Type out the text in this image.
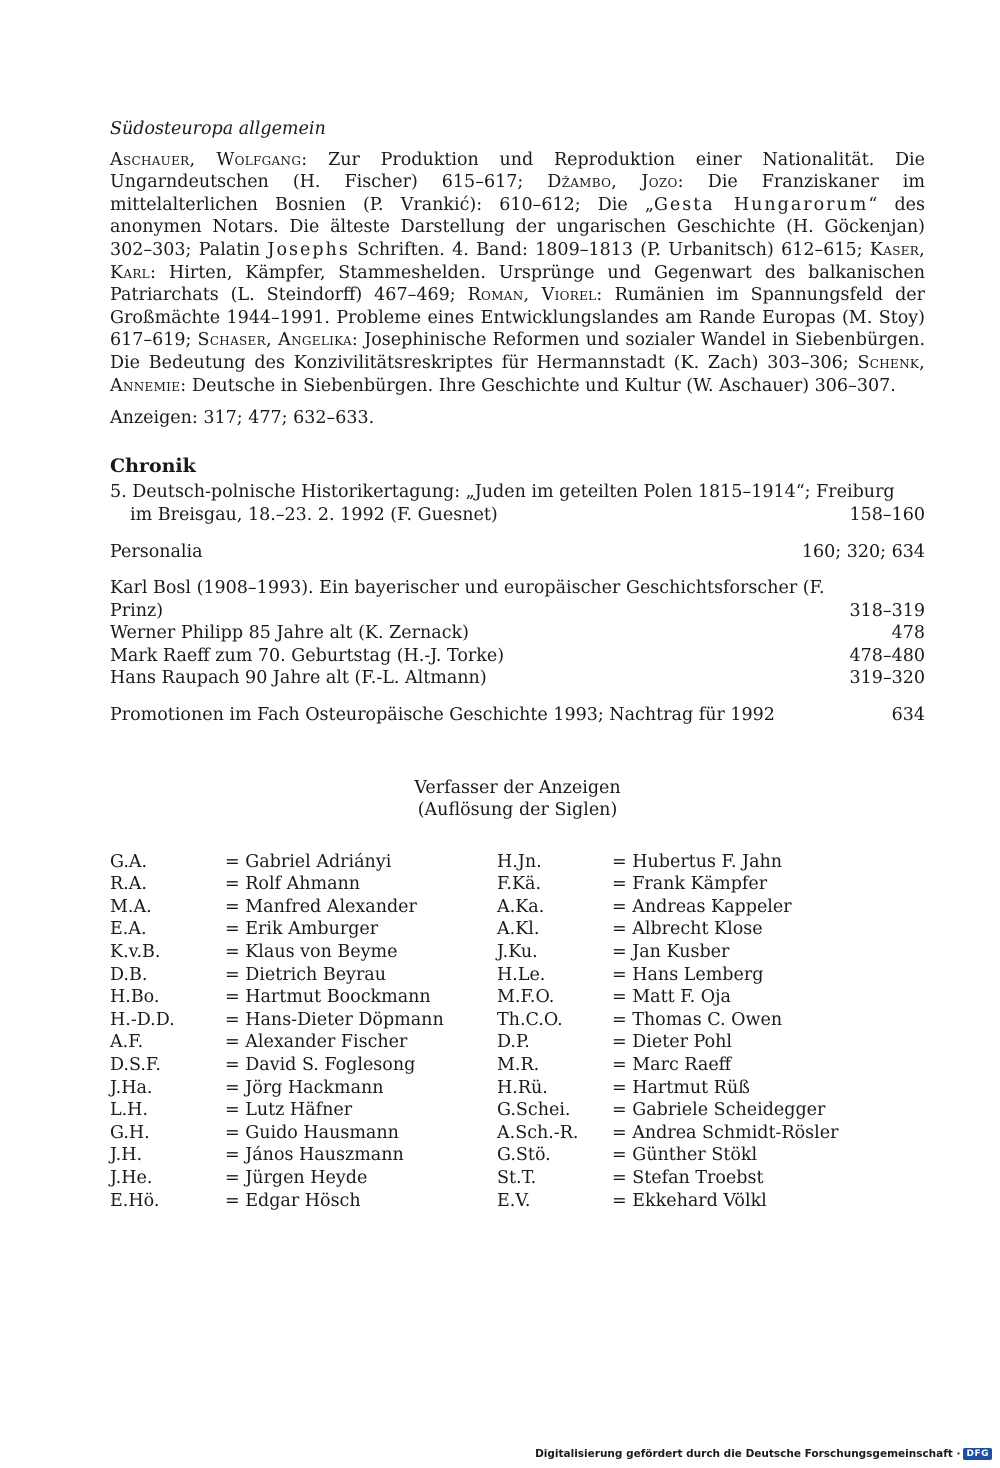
Südosteuropa allgemein

Aschauer, Wolfgang: Zur Produktion und Reproduktion einer Nationalität. Die Ungarndeutschen (H. Fischer) 615–617; Džambo, Jozo: Die Franziskaner im mittelalterlichen Bosnien (P. Vrankić): 610–612; Die „Gesta Hungarorum“ des anonymen Notars. Die älteste Darstellung der ungarischen Geschichte (H. Göckenjan) 302–303; Palatin Josephs Schriften. 4. Band: 1809–1813 (P. Urbanitsch) 612–615; Kaser, Karl: Hirten, Kämpfer, Stammeshelden. Ursprünge und Gegenwart des balkanischen Patriarchats (L. Steindorff) 467–469; Roman, Viorel: Rumänien im Spannungsfeld der Großmächte 1944–1991. Probleme eines Entwicklungslandes am Rande Europas (M. Stoy) 617–619; Schaser, Angelika: Josephinische Reformen und sozialer Wandel in Siebenbürgen. Die Bedeutung des Konzivilitätsreskriptes für Hermannstadt (K. Zach) 303–306; Schenk, Annemie: Deutsche in Siebenbürgen. Ihre Geschichte und Kultur (W. Aschauer) 306–307.

Anzeigen: 317; 477; 632–633.
Chronik
5. Deutsch-polnische Historikertagung: „Juden im geteilten Polen 1815–1914“; Freiburg
im Breisgau, 18.–23. 2. 1992 (F. Guesnet)	158–160
Personalia	160; 320; 634
Karl Bosl (1908–1993). Ein bayerischer und europäischer Geschichtsforscher (F. Prinz)	318–319
Werner Philipp 85 Jahre alt (K. Zernack)	478
Mark Raeff zum 70. Geburtstag (H.-J. Torke)	478–480
Hans Raupach 90 Jahre alt (F.-L. Altmann)	319–320
Promotionen im Fach Osteuropäische Geschichte 1993; Nachtrag für 1992	634
Verfasser der Anzeigen
(Auflösung der Siglen)
G.A.	= Gabriel Adriányi	H.Jn.	= Hubertus F. Jahn
R.A.	= Rolf Ahmann	F.Kä.	= Frank Kämpfer
M.A.	= Manfred Alexander	A.Ka.	= Andreas Kappeler
E.A.	= Erik Amburger	A.Kl.	= Albrecht Klose
K.v.B.	= Klaus von Beyme	J.Ku.	= Jan Kusber
D.B.	= Dietrich Beyrau	H.Le.	= Hans Lemberg
H.Bo.	= Hartmut Boockmann	M.F.O.	= Matt F. Oja
H.-D.D.	= Hans-Dieter Döpmann	Th.C.O.	= Thomas C. Owen
A.F.	= Alexander Fischer	D.P.	= Dieter Pohl
D.S.F.	= David S. Foglesong	M.R.	= Marc Raeff
J.Ha.	= Jörg Hackmann	H.Rü.	= Hartmut Rüß
L.H.	= Lutz Häfner	G.Schei.	= Gabriele Scheidegger
G.H.	= Guido Hausmann	A.Sch.-R.	= Andrea Schmidt-Rösler
J.H.	= János Hauszmann	G.Stö.	= Günther Stökl
J.He.	= Jürgen Heyde	St.T.	= Stefan Troebst
E.Hö.	= Edgar Hösch	E.V.	= Ekkehard Völkl
Digitalisierung gefördert durch die Deutsche Forschungsgemeinschaft · DFG
